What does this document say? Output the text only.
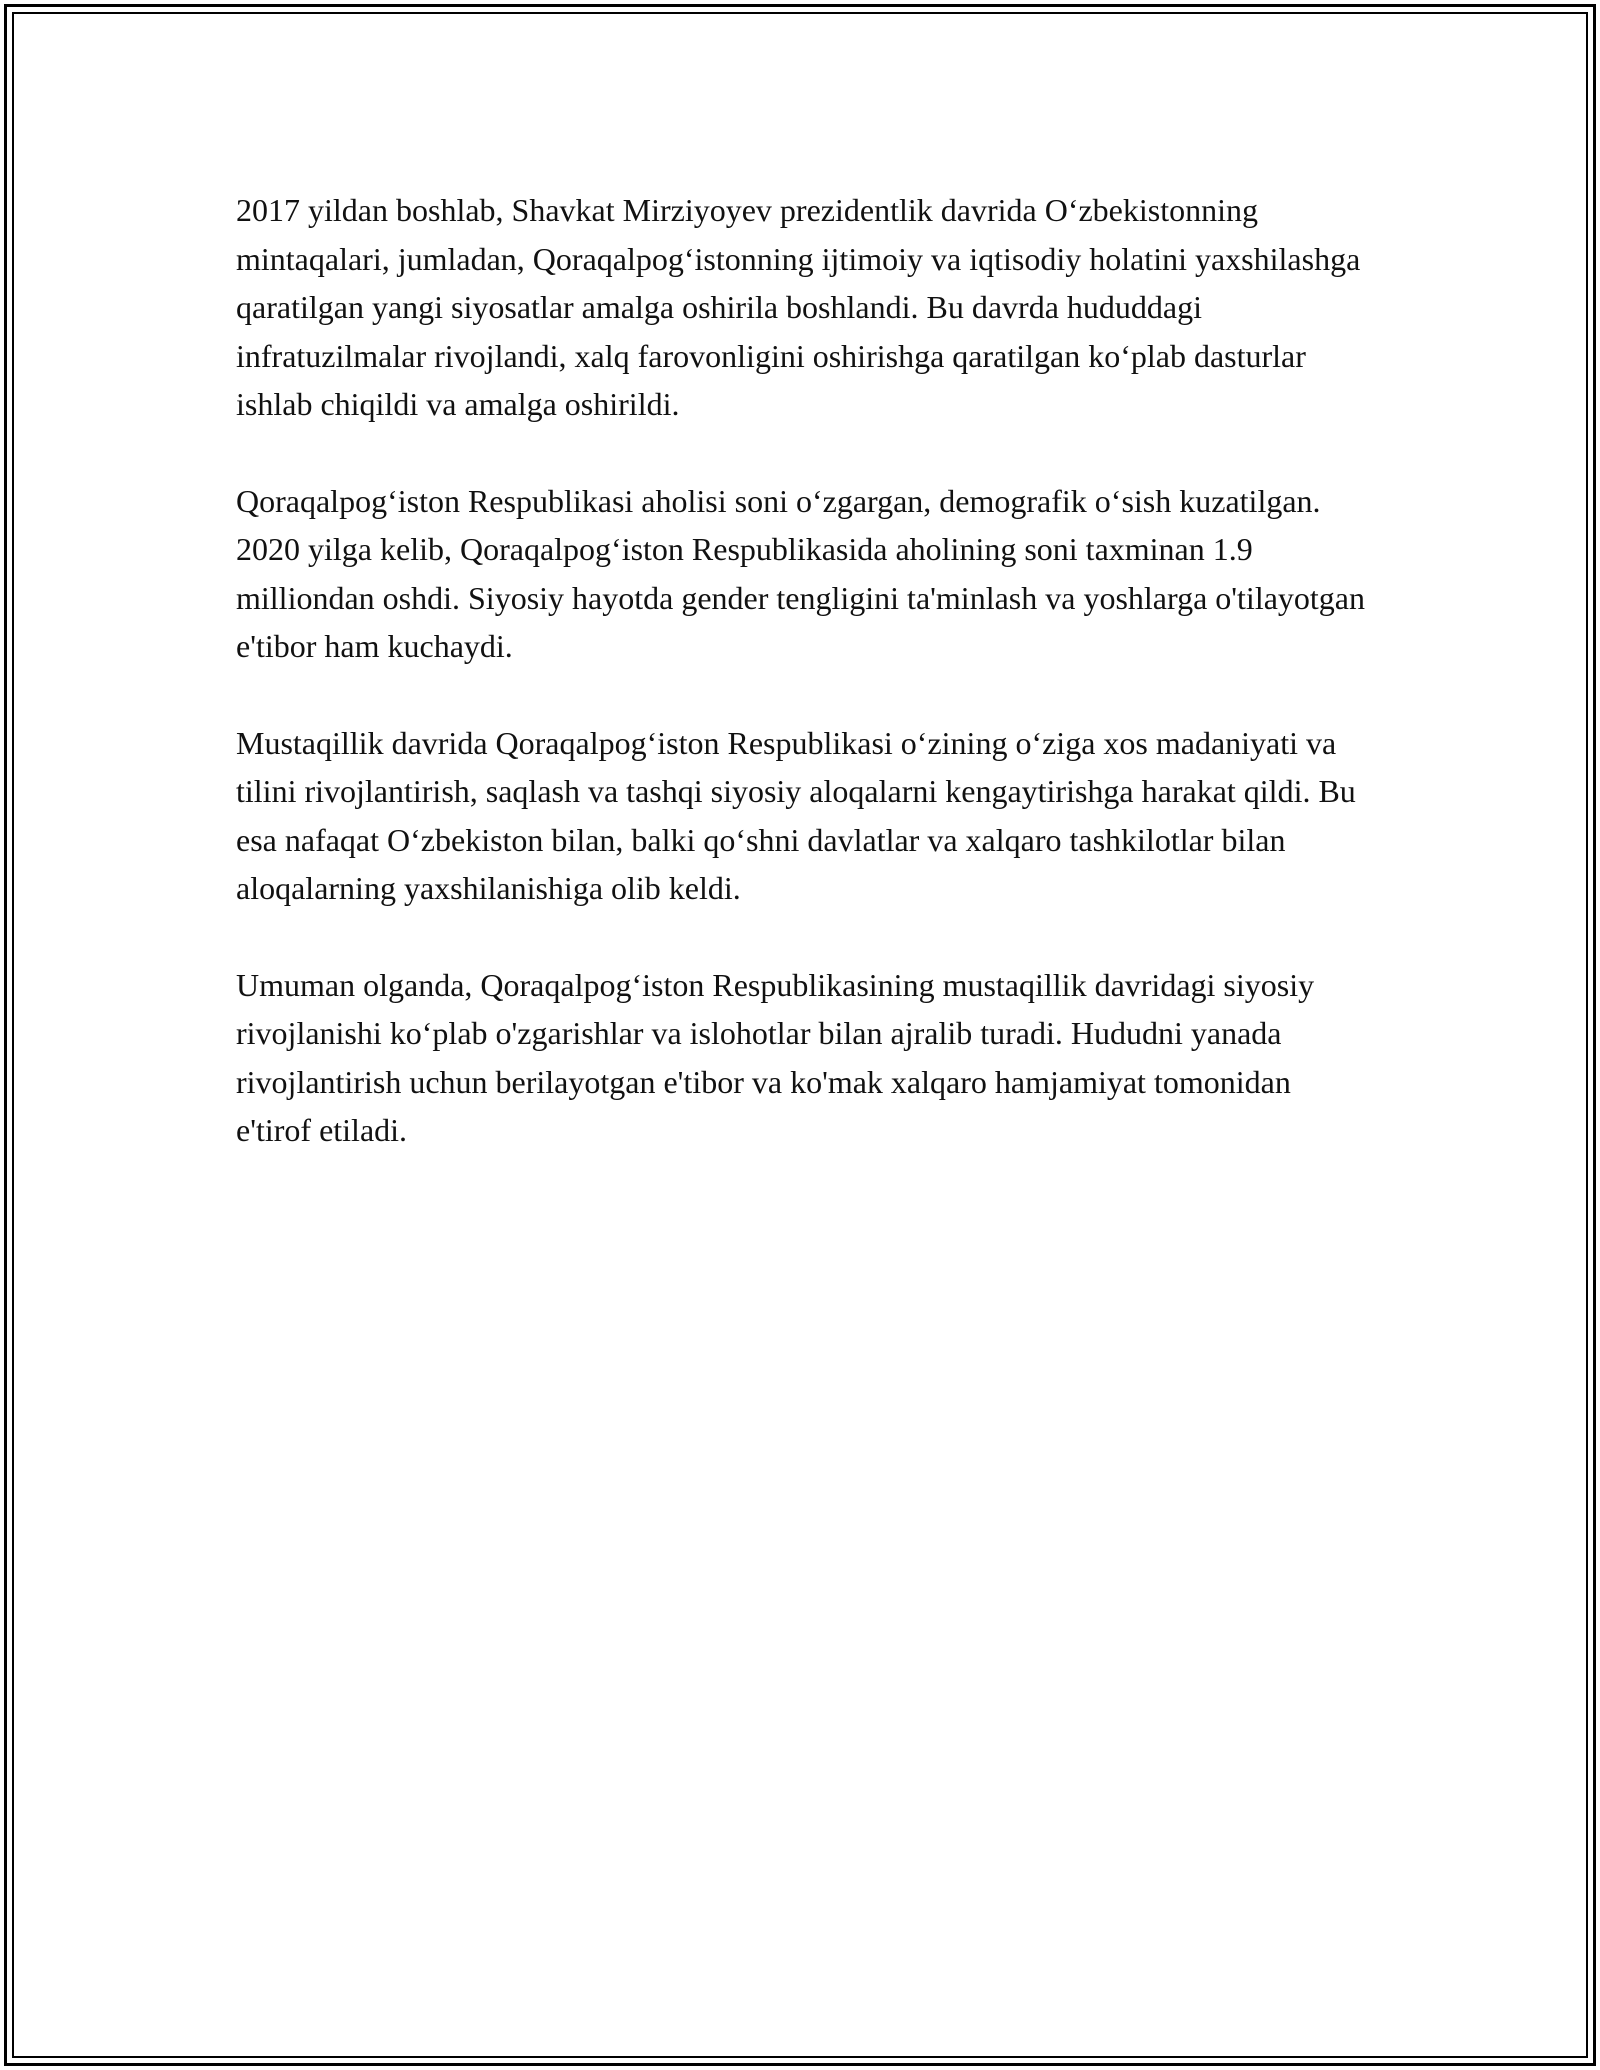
2017 yildan boshlab, Shavkat Mirziyoyev prezidentlik davrida O‘zbekistonning mintaqalari, jumladan, Qoraqalpog‘istonning ijtimoiy va iqtisodiy holatini yaxshilashga qaratilgan yangi siyosatlar amalga oshirila boshlandi. Bu davrda hududdagi infratuzilmalar rivojlandi, xalq farovonligini oshirishga qaratilgan ko‘plab dasturlar ishlab chiqildi va amalga oshirildi.

Qoraqalpog‘iston Respublikasi aholisi soni o‘zgargan, demografik o‘sish kuzatilgan. 2020 yilga kelib, Qoraqalpog‘iston Respublikasida aholining soni taxminan 1.9 milliondan oshdi. Siyosiy hayotda gender tengligini ta'minlash va yoshlarga o'tilayotgan e'tibor ham kuchaydi.

Mustaqillik davrida Qoraqalpog‘iston Respublikasi o‘zining o‘ziga xos madaniyati va tilini rivojlantirish, saqlash va tashqi siyosiy aloqalarni kengaytirishga harakat qildi. Bu esa nafaqat O‘zbekiston bilan, balki qo‘shni davlatlar va xalqaro tashkilotlar bilan aloqalarning yaxshilanishiga olib keldi.

Umuman olganda, Qoraqalpog‘iston Respublikasining mustaqillik davridagi siyosiy rivojlanishi ko‘plab o'zgarishlar va islohotlar bilan ajralib turadi. Hududni yanada rivojlantirish uchun berilayotgan e'tibor va ko'mak xalqaro hamjamiyat tomonidan e'tirof etiladi.
